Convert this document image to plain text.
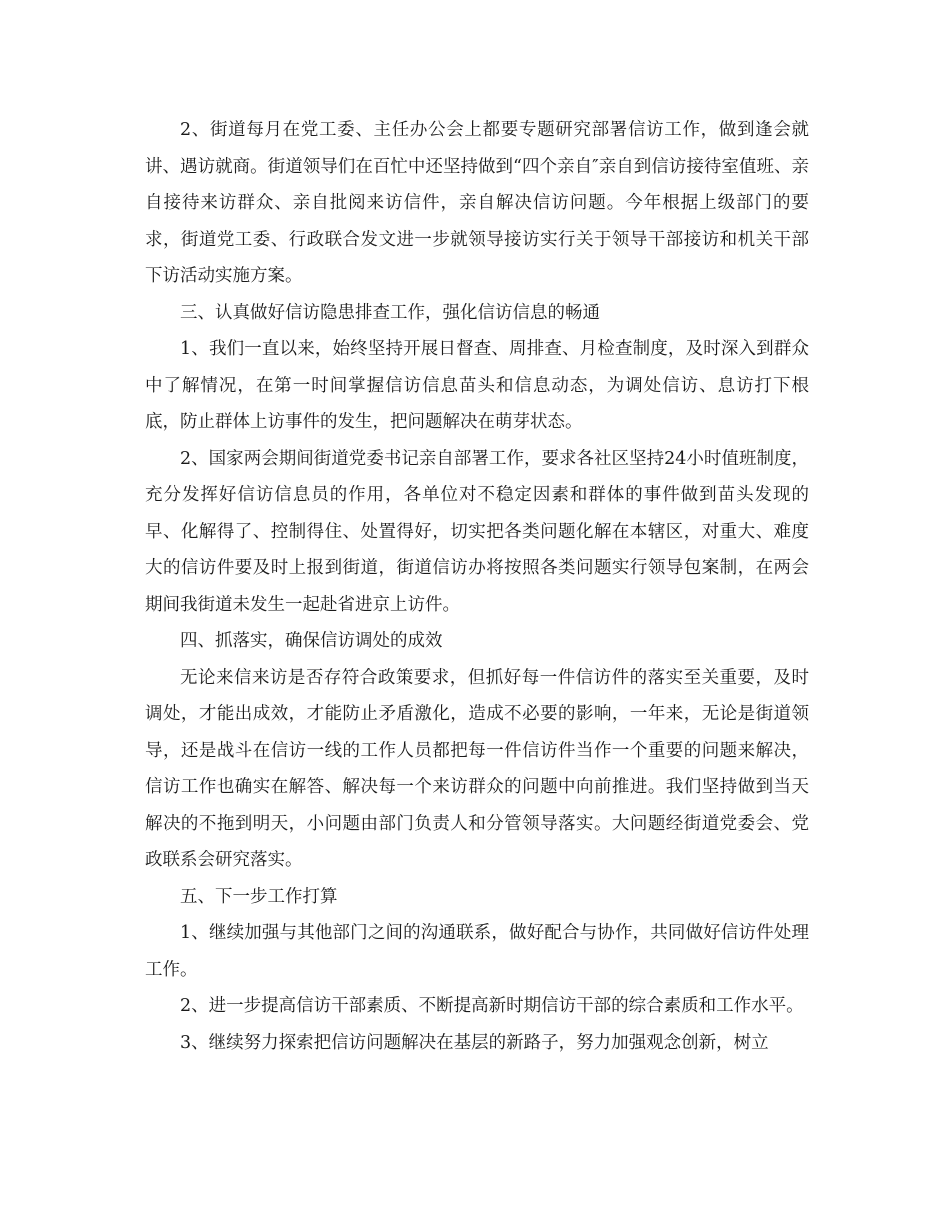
2、街道每月在党工委、主任办公会上都要专题研究部署信访工作，做到逢会就讲、遇访就商。街道领导们在百忙中还坚持做到“四个亲自″亲自到信访接待室值班、亲自接待来访群众、亲自批阅来访信件，亲自解决信访问题。今年根据上级部门的要求，街道党工委、行政联合发文进一步就领导接访实行关于领导干部接访和机关干部下访活动实施方案。

三、认真做好信访隐患排查工作，强化信访信息的畅通

1、我们一直以来，始终坚持开展日督查、周排查、月检查制度，及时深入到群众中了解情况，在第一时间掌握信访信息苗头和信息动态，为调处信访、息访打下根底，防止群体上访事件的发生，把问题解决在萌芽状态。

2、国家两会期间街道党委书记亲自部署工作，要求各社区坚持24小时值班制度，充分发挥好信访信息员的作用，各单位对不稳定因素和群体的事件做到苗头发现的早、化解得了、控制得住、处置得好，切实把各类问题化解在本辖区，对重大、难度大的信访件要及时上报到街道，街道信访办将按照各类问题实行领导包案制，在两会期间我街道未发生一起赴省进京上访件。

四、抓落实，确保信访调处的成效

无论来信来访是否存符合政策要求，但抓好每一件信访件的落实至关重要，及时调处，才能出成效，才能防止矛盾激化，造成不必要的影响，一年来，无论是街道领导，还是战斗在信访一线的工作人员都把每一件信访件当作一个重要的问题来解决，信访工作也确实在解答、解决每一个来访群众的问题中向前推进。我们坚持做到当天解决的不拖到明天，小问题由部门负责人和分管领导落实。大问题经街道党委会、党政联系会研究落实。

五、下一步工作打算

1、继续加强与其他部门之间的沟通联系，做好配合与协作，共同做好信访件处理工作。

2、进一步提高信访干部素质、不断提高新时期信访干部的综合素质和工作水平。

3、继续努力探索把信访问题解决在基层的新路子，努力加强观念创新，树立
